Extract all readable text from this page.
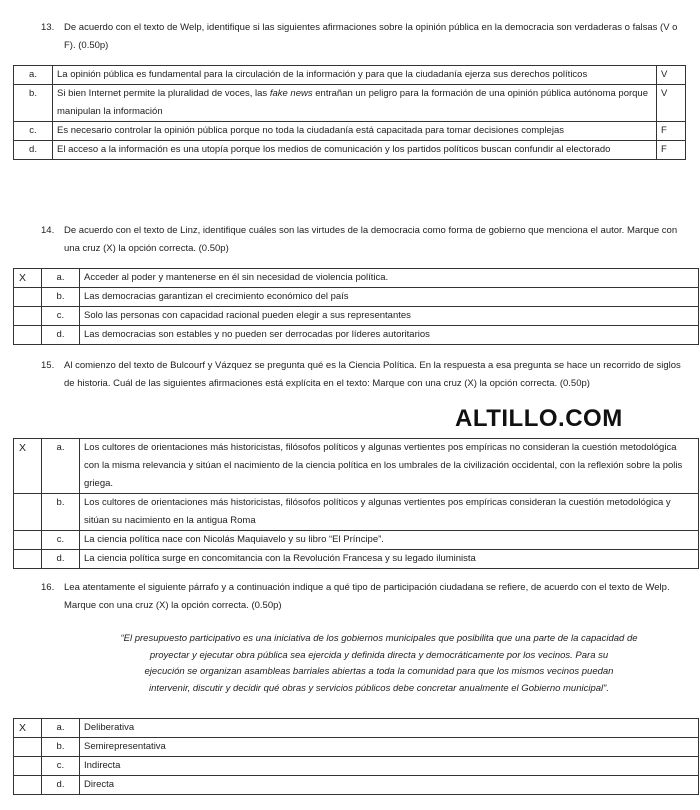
13.	De acuerdo con el texto de Welp, identifique si las siguientes afirmaciones sobre la opinión pública en la democracia son verdaderas o falsas (V o F). (0.50p)
a.	La opinión pública es fundamental para la circulación de la información y para que la ciudadanía ejerza sus derechos políticos	V
b.	Si bien Internet permite la pluralidad de voces, las fake news entrañan un peligro para la formación de una opinión pública autónoma porque manipulan la información	V
c.	Es necesario controlar la opinión pública porque no toda la ciudadanía está capacitada para tomar decisiones complejas	F
d.	El acceso a la información es una utopía porque los medios de comunicación y los partidos políticos buscan confundir al electorado	F
14.	De acuerdo con el texto de Linz, identifique cuáles son las virtudes de la democracia como forma de gobierno que menciona el autor. Marque con una cruz (X) la opción correcta. (0.50p)
X	a.	Acceder al poder y mantenerse en él sin necesidad de violencia política.
	b.	Las democracias garantizan el crecimiento económico del país
	c.	Solo las personas con capacidad racional pueden elegir a sus representantes
	d.	Las democracias son estables y no pueden ser derrocadas por líderes autoritarios
15.	Al comienzo del texto de Bulcourf y Vázquez se pregunta qué es la Ciencia Política. En la respuesta a esa pregunta se hace un recorrido de siglos de historia. Cuál de las siguientes afirmaciones está explícita en el texto: Marque con una cruz (X) la opción correcta. (0.50p)
ALTILLO.COM
X	a.	Los cultores de orientaciones más historicistas, filósofos políticos y algunas vertientes pos empíricas no consideran la cuestión metodológica con la misma relevancia y sitúan el nacimiento de la ciencia política en los umbrales de la civilización occidental, con la reflexión sobre la polis griega.
	b.	Los cultores de orientaciones más historicistas, filósofos políticos y algunas vertientes pos empíricas consideran la cuestión metodológica y sitúan su nacimiento en la antigua Roma
	c.	La ciencia política nace con Nicolás Maquiavelo y su libro “El Príncipe”.
	d.	La ciencia política surge en concomitancia con la Revolución Francesa y su legado iluminista
16.	Lea atentamente el siguiente párrafo y a continuación indique a qué tipo de participación ciudadana se refiere, de acuerdo con el texto de Welp. Marque con una cruz (X) la opción correcta. (0.50p)
“El presupuesto participativo es una iniciativa de los gobiernos municipales que posibilita que una parte de la capacidad de
proyectar y ejecutar obra pública sea ejercida y definida directa y democráticamente por los vecinos. Para su
ejecución se organizan asambleas barriales abiertas a toda la comunidad para que los mismos vecinos puedan
intervenir, discutir y decidir qué obras y servicios públicos debe concretar anualmente el Gobierno municipal”.
X	a.	Deliberativa
	b.	Semirepresentativa
	c.	Indirecta
	d.	Directa
